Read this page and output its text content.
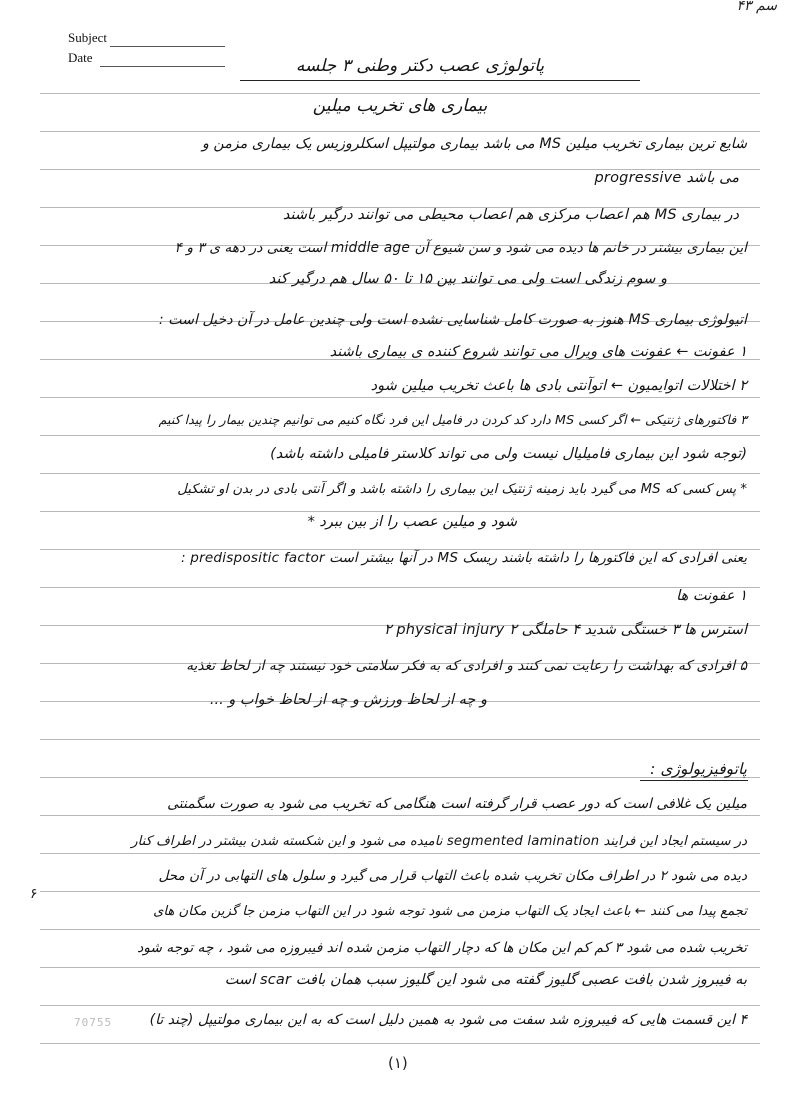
سم ۴۳
Subject
Date	پاتولوژی عصب دکتر وطنی ۳ جلسه
بیماری های تخریب میلین
شایع ترین بیماری تخریب میلین MS می باشد بیماری مولتیپل اسکلروزیس یک بیماری مزمن و
progressive می باشد
در بیماری MS هم اعصاب مرکزی هم اعصاب محیطی می توانند درگیر باشند
این بیماری بیشتر در خانم ها دیده می شود و سن شیوع آن middle age است یعنی در دهه ی ۳ و ۴
و سوم زندگی است ولی می توانند بین ۱۵ تا ۵۰ سال هم درگیر کند
اتیولوژی بیماری MS هنوز به صورت کامل شناسایی نشده است ولی چندین عامل در آن دخیل است :
۱ عفونت ← عفونت های ویرال می توانند شروع کننده ی بیماری باشند
۲ اختلالات اتوایمیون ← اتوآنتی بادی ها باعث تخریب میلین شود
۳ فاکتورهای ژنتیکی ← اگر کسی MS دارد کد کردن در فامیل این فرد نگاه کنیم می توانیم چندین بیمار را پیدا کنیم
(توجه شود این بیماری فامیلیال نیست ولی می تواند کلاستر فامیلی داشته باشد)
* پس کسی که MS می گیرد باید زمینه ژنتیک این بیماری را داشته باشد و اگر آنتی بادی در بدن او تشکیل
شود و میلین عصب را از بین ببرد *
یعنی افرادی که این فاکتورها را داشته باشند ریسک MS در آنها بیشتر است predispositic factor :
۱ عفونت ها
۲ physical injury ۲ استرس ها ۳ خستگی شدید ۴ حاملگی
۵ افرادی که بهداشت را رعایت نمی کنند و افرادی که به فکر سلامتی خود نیستند چه از لحاظ تغذیه
و چه از لحاظ ورزش و چه از لحاظ خواب و ...
پاتوفیزیولوژی :
میلین یک غلافی است که دور عصب قرار گرفته است هنگامی که تخریب می شود به صورت سگمنتی
در سیستم ایجاد این فرایند segmented lamination نامیده می شود و این شکسته شدن بیشتر در اطراف کنار
دیده می شود ۲ در اطراف مکان تخریب شده باعث التهاب قرار می گیرد و سلول های التهابی در آن محل
تجمع پیدا می کنند ← باعث ایجاد یک التهاب مزمن می شود توجه شود در این التهاب مزمن جا گزین مکان های
تخریب شده می شود ۳ کم کم این مکان ها که دچار التهاب مزمن شده اند فیبروزه می شود ، چه توجه شود
به فیبروز شدن بافت عصبی گلیوز گفته می شود این گلیوز سبب همان بافت scar است
۴ این قسمت هایی که فیبروزه شد سفت می شود به همین دلیل است که به این بیماری مولتیپل (چند تا)
۶
70755
(۱)
